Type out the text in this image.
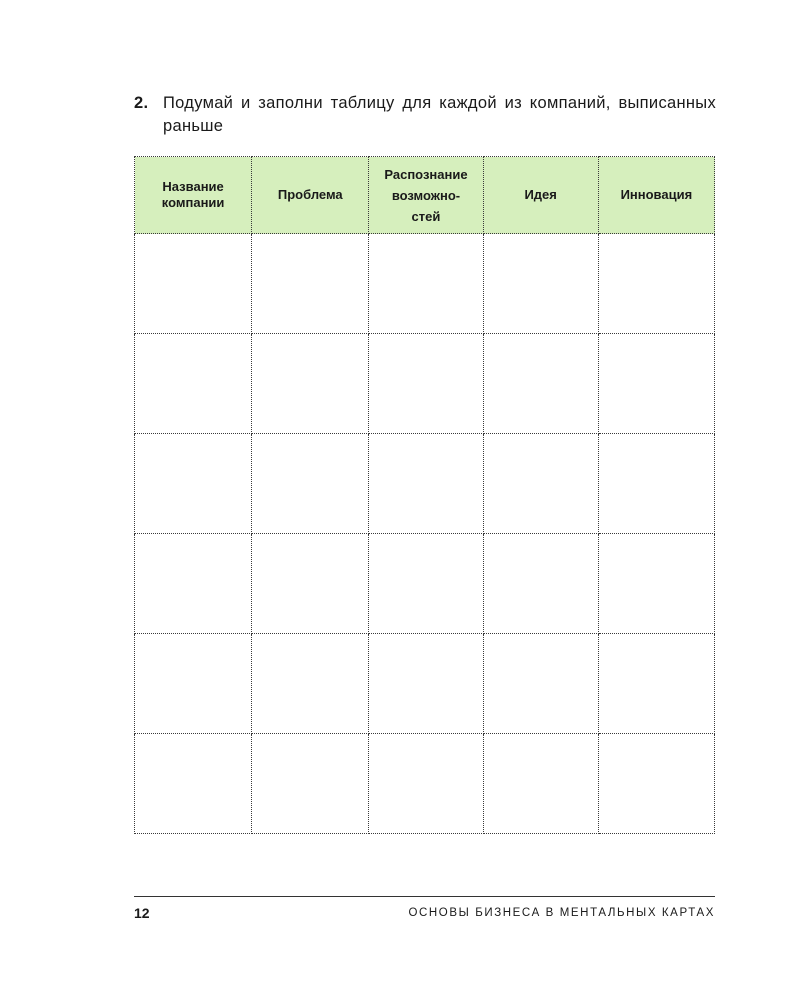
2. Подумай и заполни таблицу для каждой из компаний, выписанных раньше
Название
компании	Проблема	Распознание
возможно-
стей	Идея	Инновация

12	ОСНОВЫ БИЗНЕСА В МЕНТАЛЬНЫХ КАРТАХ
